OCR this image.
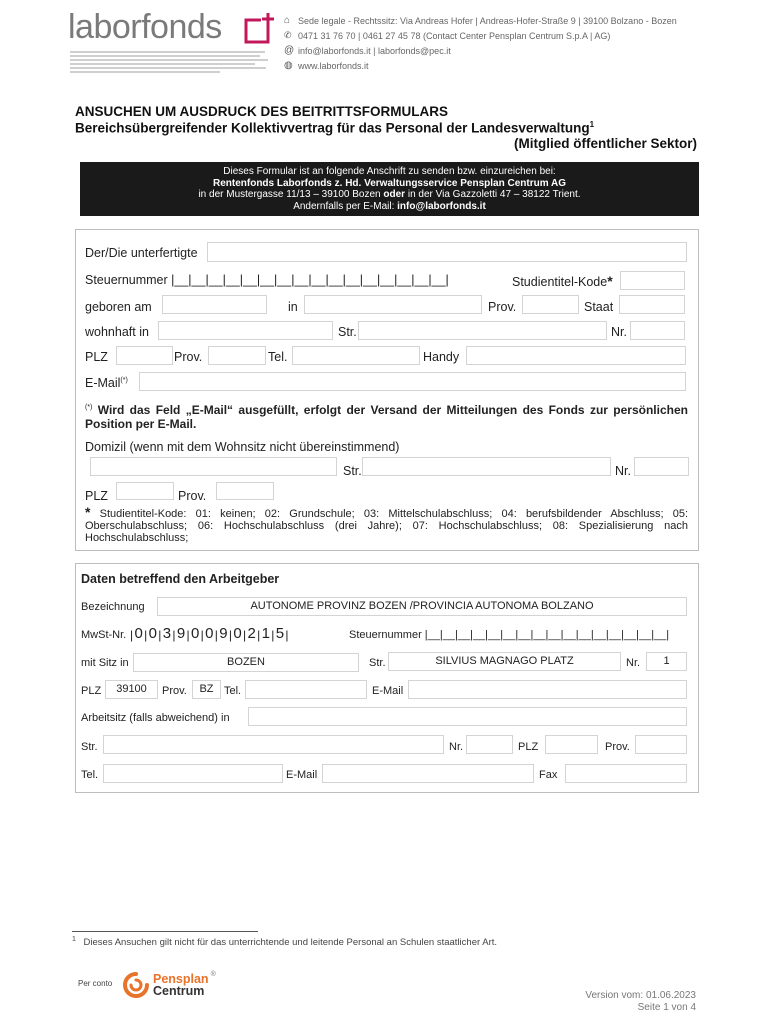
laborfonds	⌂ Sede legale - Rechtssitz: Via Andreas Hofer | Andreas-Hofer-Straße 9 | 39100 Bolzano - Bozen
✆ 0471 31 76 70 | 0461 27 45 78 (Contact Center Pensplan Centrum S.p.A | AG)
@ info@laborfonds.it | laborfonds@pec.it
◍ www.laborfonds.it
ANSUCHEN UM AUSDRUCK DES BEITRITTSFORMULARS
Bereichsübergreifender Kollektivvertrag für das Personal der Landesverwaltung$^1$
(Mitglied öffentlicher Sektor)
Dieses Formular ist an folgende Anschrift zu senden bzw. einzureichen bei:
Rentenfonds Laborfonds z. Hd. Verwaltungsservice Pensplan Centrum AG
in der Mustergasse 11/13 – 39100 Bozen oder in der Via Gazzoletti 47 – 38122 Trient.
Andernfalls per E-Mail: info@laborfonds.it
Der/Die unterfertigte
Steuernummer |__|__|__|__|__|__|__|__|__|__|__|__|__|__|__|__|	Studientitel-Kode*
geboren am	in	Prov.	Staat
wohnhaft in	Str.	Nr.
PLZ	Prov.	Tel.	Handy
E-Mail(*)
(*) Wird das Feld „E-Mail“ ausgefüllt, erfolgt der Versand der Mitteilungen des Fonds zur persönlichen Position per E-Mail.
Domizil (wenn mit dem Wohnsitz nicht übereinstimmend)
Str.	Nr.
PLZ	Prov.
* Studientitel-Kode: 01: keinen; 02: Grundschule; 03: Mittelschulabschluss; 04: berufsbildender Abschluss; 05: Oberschulabschluss; 06: Hochschulabschluss (drei Jahre); 07: Hochschulabschluss; 08: Spezialisierung nach Hochschulabschluss;
Daten betreffend den Arbeitgeber
Bezeichnung	AUTONOME PROVINZ BOZEN /PROVINCIA AUTONOMA BOLZANO
MwSt-Nr. | 0 | 0 | 3 | 9 | 0 | 0 | 9 | 0 | 2 | 1 | 5 |	Steuernummer |__|__|__|__|__|__|__|__|__|__|__|__|__|__|__|__|
mit Sitz in	BOZEN	Str.	SILVIUS MAGNAGO PLATZ	Nr.	1
PLZ	39100	Prov.	BZ Tel.	E-Mail
Arbeitsitz (falls abweichend) in
Str.	Nr.	PLZ	Prov.
Tel.	E-Mail	Fax
$^1$ Dieses Ansuchen gilt nicht für das unterrichtende und leitende Personal an Schulen staatlicher Art.
Per conto	Pensplan
Centrum
®
Version vom: 01.06.2023
Seite 1 von 4
